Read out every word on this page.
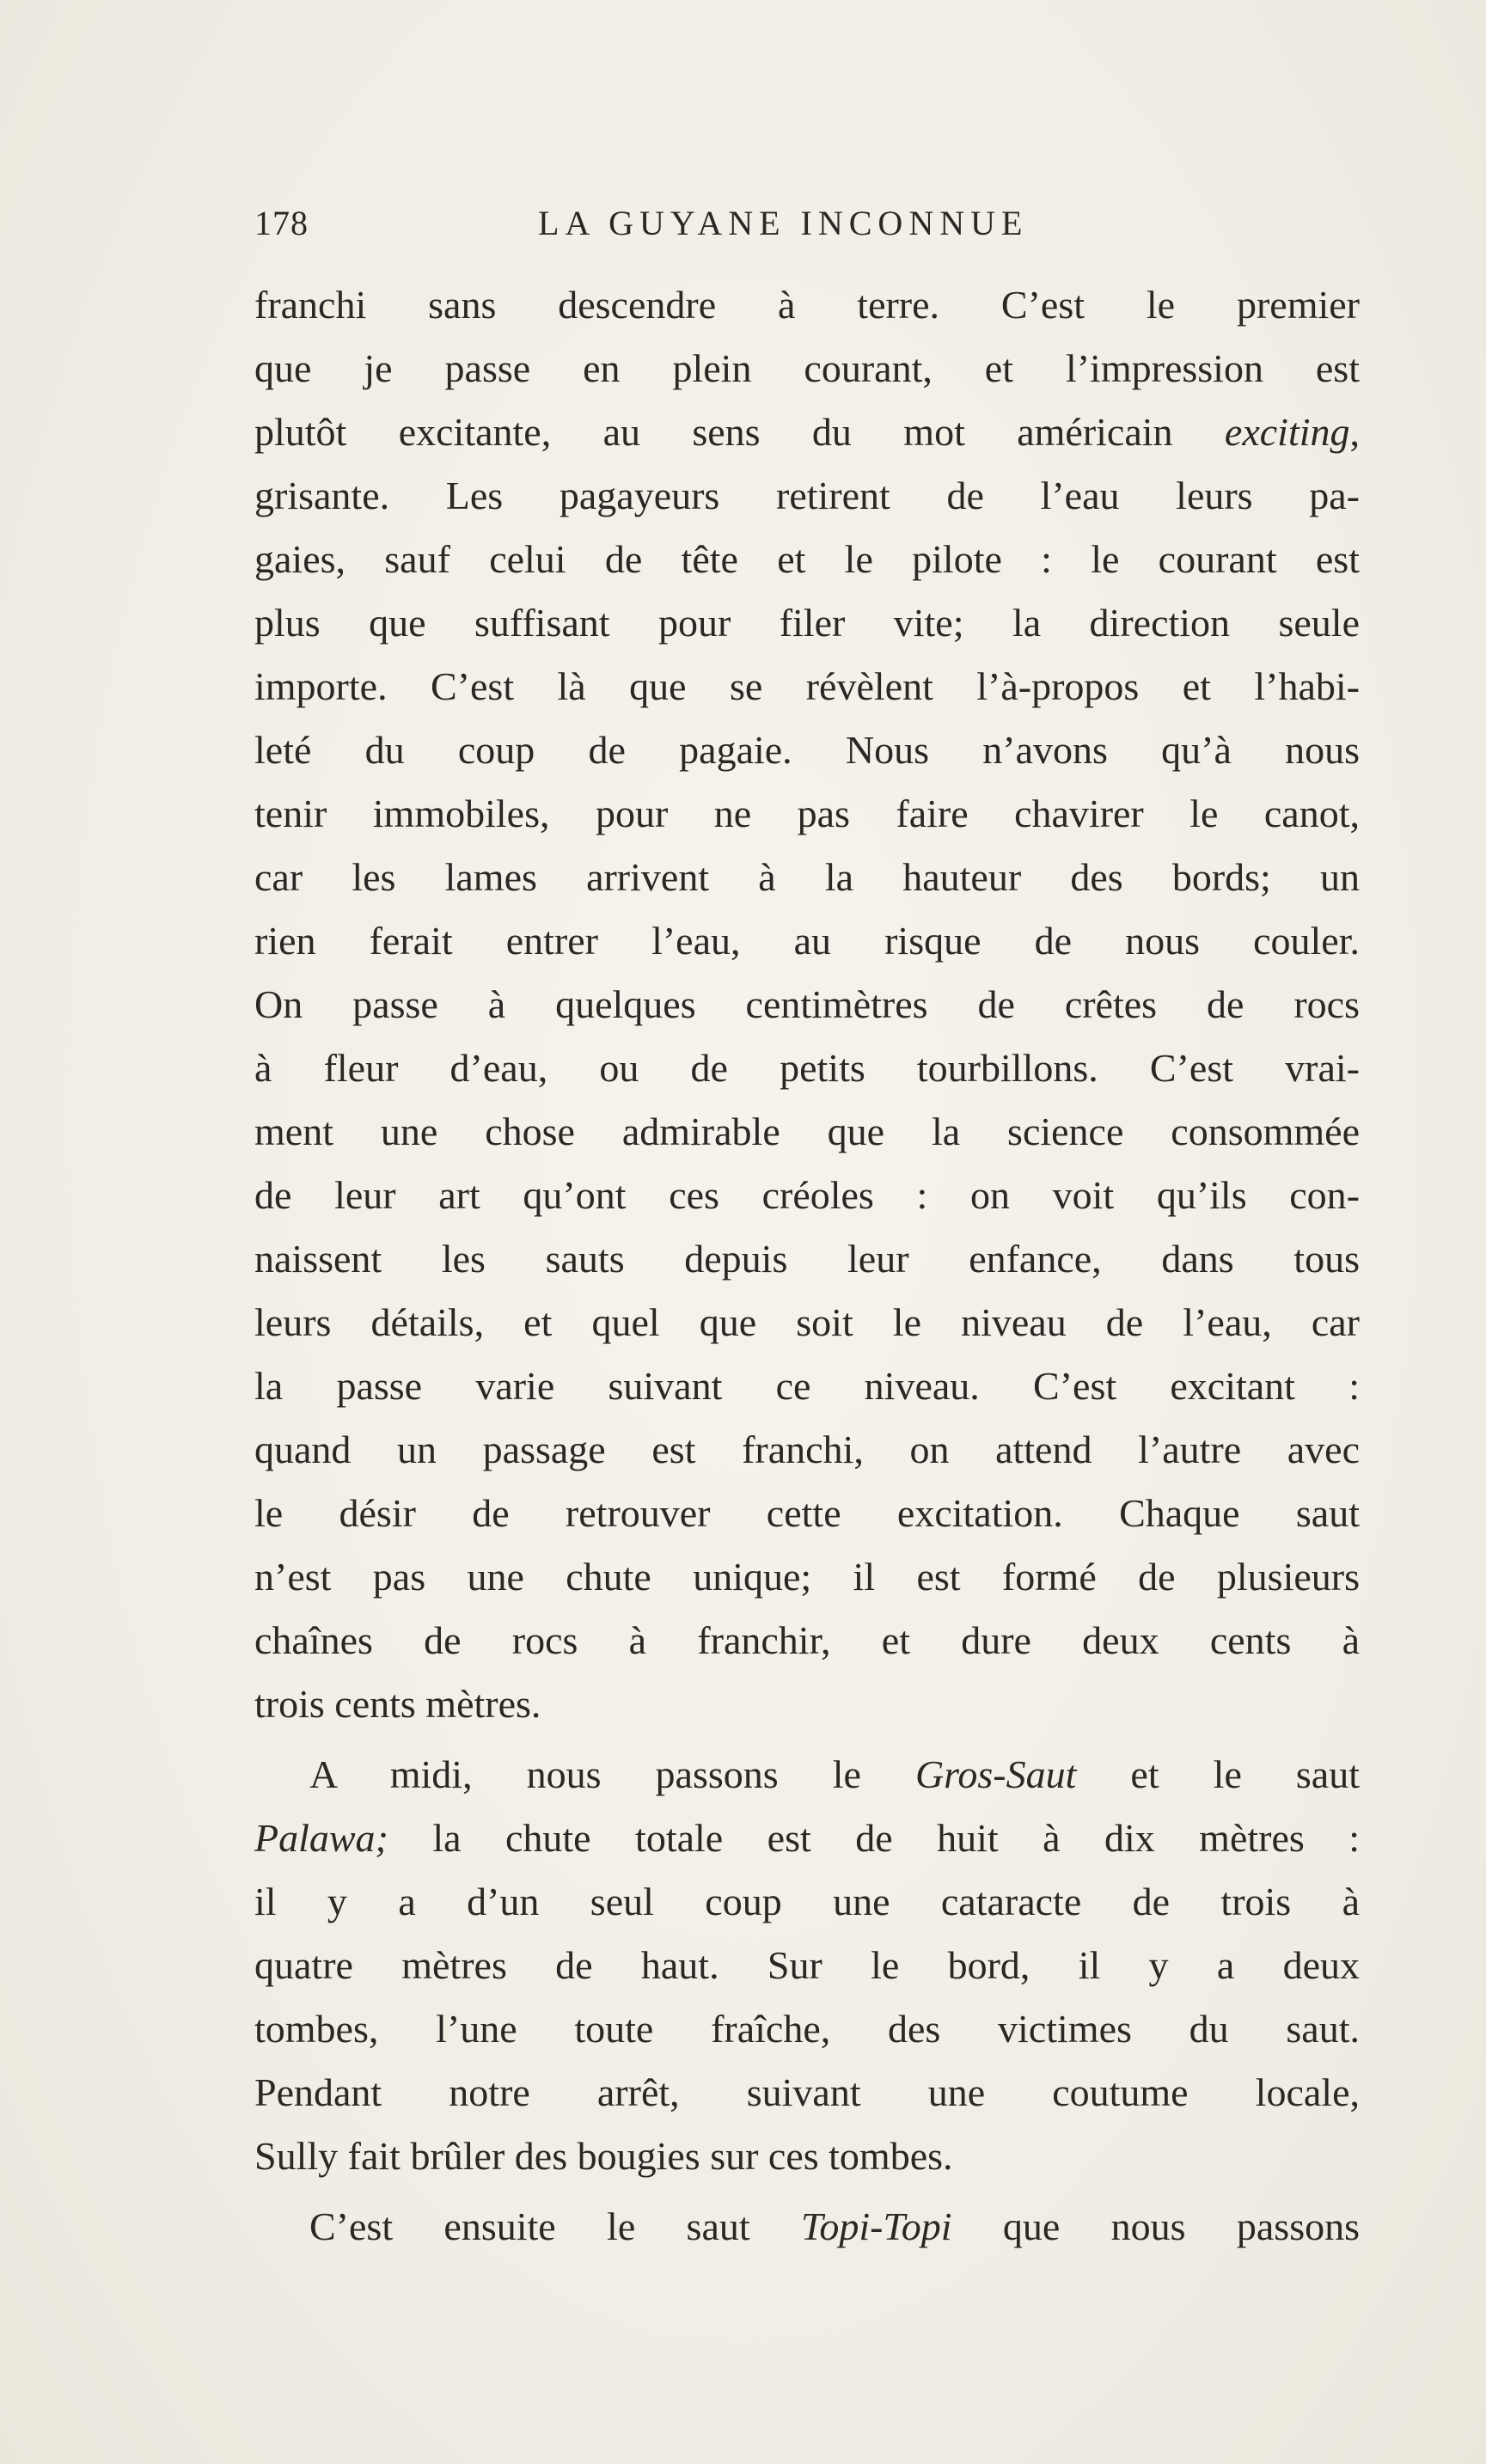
178	LA GUYANE INCONNUE
franchi sans descendre à terre. C’est le premier
que je passe en plein courant, et l’impression est
plutôt excitante, au sens du mot américain exciting,
grisante. Les pagayeurs retirent de l’eau leurs pa-
gaies, sauf celui de tête et le pilote : le courant est
plus que suffisant pour filer vite; la direction seule
importe. C’est là que se révèlent l’à-propos et l’habi-
leté du coup de pagaie. Nous n’avons qu’à nous
tenir immobiles, pour ne pas faire chavirer le canot,
car les lames arrivent à la hauteur des bords; un
rien ferait entrer l’eau, au risque de nous couler.
On passe à quelques centimètres de crêtes de rocs
à fleur d’eau, ou de petits tourbillons. C’est vrai-
ment une chose admirable que la science consommée
de leur art qu’ont ces créoles : on voit qu’ils con-
naissent les sauts depuis leur enfance, dans tous
leurs détails, et quel que soit le niveau de l’eau, car
la passe varie suivant ce niveau. C’est excitant :
quand un passage est franchi, on attend l’autre avec
le désir de retrouver cette excitation. Chaque saut
n’est pas une chute unique; il est formé de plusieurs
chaînes de rocs à franchir, et dure deux cents à
trois cents mètres.
A midi, nous passons le Gros-Saut et le saut
Palawa; la chute totale est de huit à dix mètres :
il y a d’un seul coup une cataracte de trois à
quatre mètres de haut. Sur le bord, il y a deux
tombes, l’une toute fraîche, des victimes du saut.
Pendant notre arrêt, suivant une coutume locale,
Sully fait brûler des bougies sur ces tombes.
C’est ensuite le saut Topi-Topi que nous passons
